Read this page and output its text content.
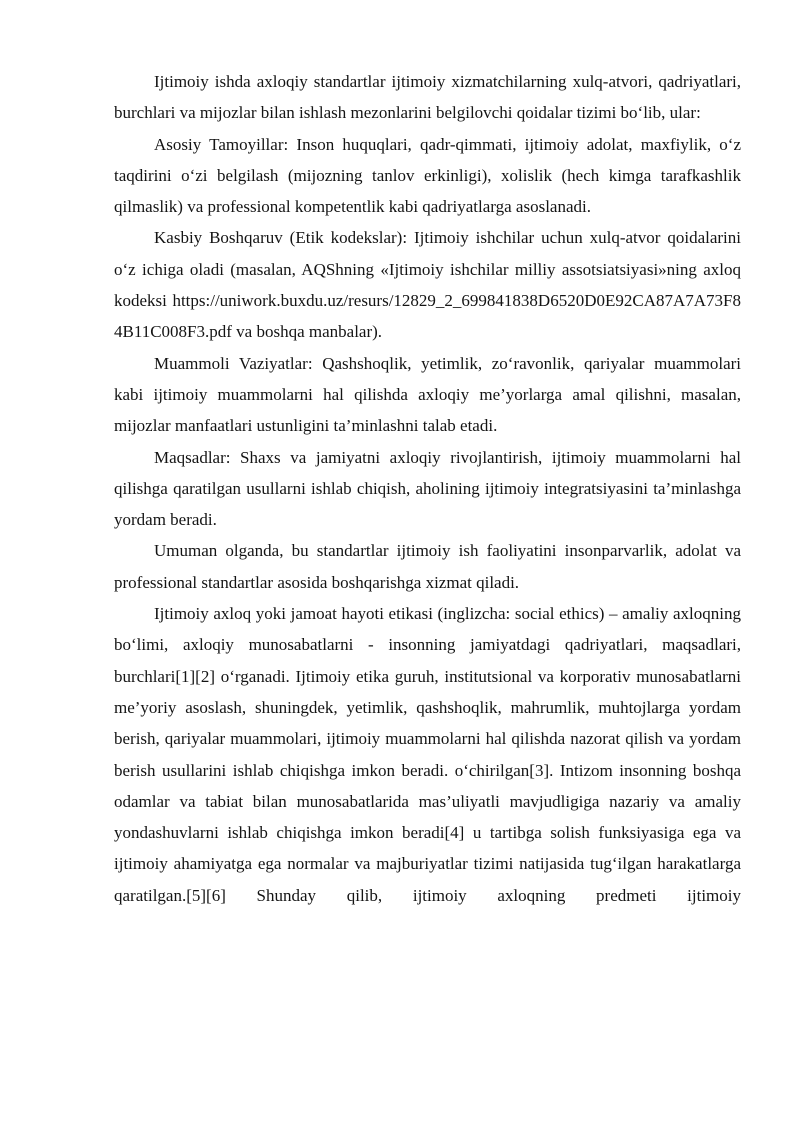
Ijtimoiy ishda axloqiy standartlar ijtimoiy xizmatchilarning xulq-atvori, qadriyatlari, burchlari va mijozlar bilan ishlash mezonlarini belgilovchi qoidalar tizimi bo‘lib, ular:

Asosiy Tamoyillar: Inson huquqlari, qadr-qimmati, ijtimoiy adolat, maxfiylik, o‘z taqdirini o‘zi belgilash (mijozning tanlov erkinligi), xolislik (hech kimga tarafkashlik qilmaslik) va professional kompetentlik kabi qadriyatlarga asoslanadi.

Kasbiy Boshqaruv (Etik kodekslar): Ijtimoiy ishchilar uchun xulq-atvor qoidalarini o‘z ichiga oladi (masalan, AQShning «Ijtimoiy ishchilar milliy assotsiatsiyasi»ning axloq kodeksi https://uniwork.buxdu.uz/resurs/12829_2_699841838D6520D0E92CA87A7A73F84B11C008F3.pdf va boshqa manbalar).

Muammoli Vaziyatlar: Qashshoqlik, yetimlik, zo‘ravonlik, qariyalar muammolari kabi ijtimoiy muammolarni hal qilishda axloqiy me’yorlarga amal qilishni, masalan, mijozlar manfaatlari ustunligini ta’minlashni talab etadi.

Maqsadlar: Shaxs va jamiyatni axloqiy rivojlantirish, ijtimoiy muammolarni hal qilishga qaratilgan usullarni ishlab chiqish, aholining ijtimoiy integratsiyasini ta’minlashga yordam beradi.

Umuman olganda, bu standartlar ijtimoiy ish faoliyatini insonparvarlik, adolat va professional standartlar asosida boshqarishga xizmat qiladi.

Ijtimoiy axloq yoki jamoat hayoti etikasi (inglizcha: social ethics) – amaliy axloqning bo‘limi, axloqiy munosabatlarni - insonning jamiyatdagi qadriyatlari, maqsadlari, burchlari[1][2] o‘rganadi. Ijtimoiy etika guruh, institutsional va korporativ munosabatlarni me’yoriy asoslash, shuningdek, yetimlik, qashshoqlik, mahrumlik, muhtojlarga yordam berish, qariyalar muammolari, ijtimoiy muammolarni hal qilishda nazorat qilish va yordam berish usullarini ishlab chiqishga imkon beradi. o‘chirilgan[3]. Intizom insonning boshqa odamlar va tabiat bilan munosabatlarida mas’uliyatli mavjudligiga nazariy va amaliy yondashuvlarni ishlab chiqishga imkon beradi[4] u tartibga solish funksiyasiga ega va ijtimoiy ahamiyatga ega normalar va majburiyatlar tizimi natijasida tug‘ilgan harakatlarga qaratilgan.[5][6] Shunday qilib, ijtimoiy axloqning predmeti ijtimoiy
